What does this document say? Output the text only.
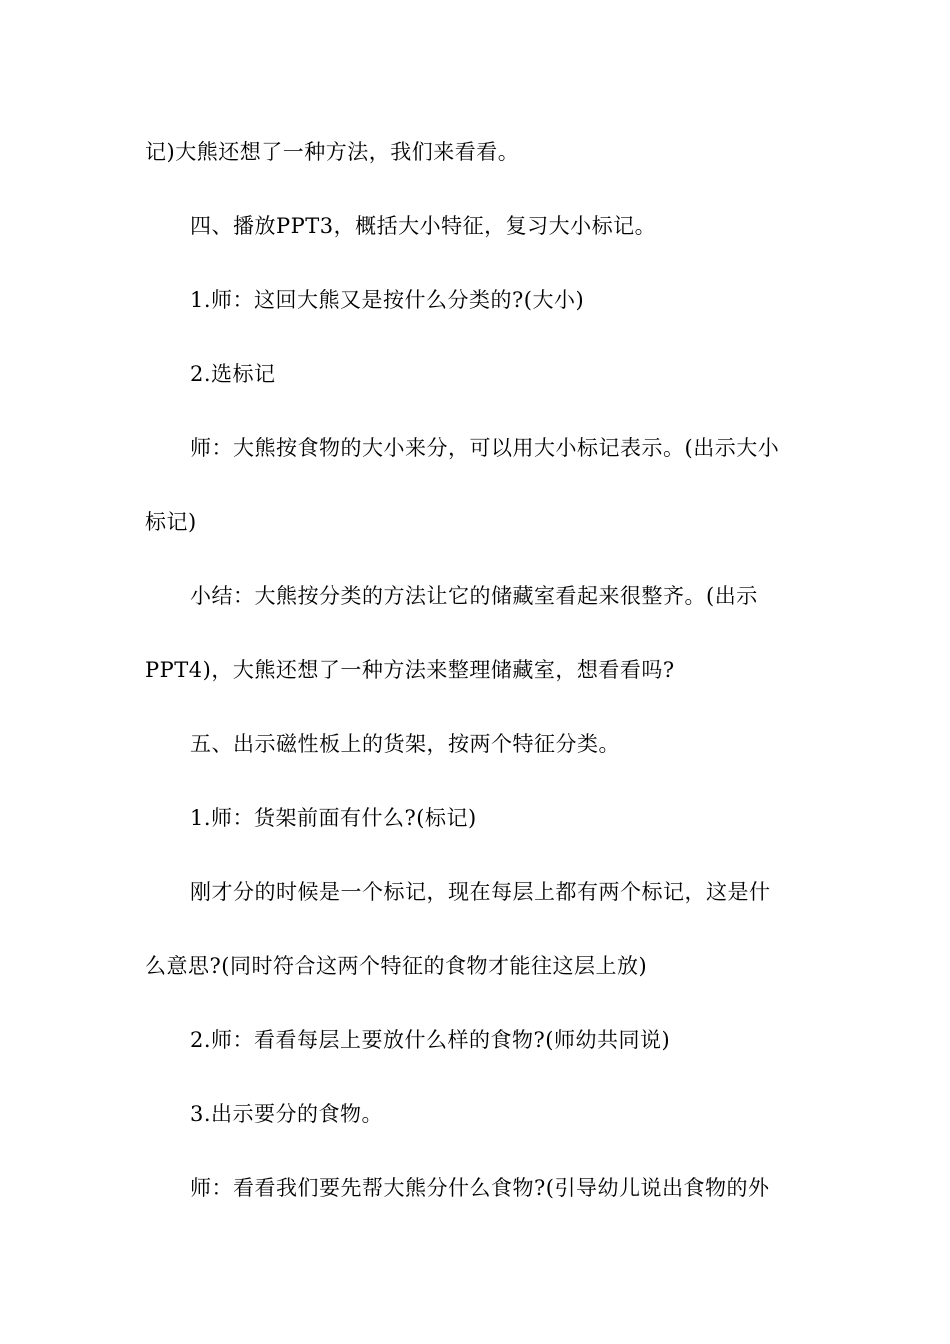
记)大熊还想了一种方法，我们来看看。
四、播放PPT3，概括大小特征，复习大小标记。
1.师：这回大熊又是按什么分类的?(大小)
2.选标记
师：大熊按食物的大小来分，可以用大小标记表示。(出示大小
标记)
小结：大熊按分类的方法让它的储藏室看起来很整齐。(出示
PPT4)，大熊还想了一种方法来整理储藏室，想看看吗?
五、出示磁性板上的货架，按两个特征分类。
1.师：货架前面有什么?(标记)
刚才分的时候是一个标记，现在每层上都有两个标记，这是什
么意思?(同时符合这两个特征的食物才能往这层上放)
2.师：看看每层上要放什么样的食物?(师幼共同说)
3.出示要分的食物。
师：看看我们要先帮大熊分什么食物?(引导幼儿说出食物的外
